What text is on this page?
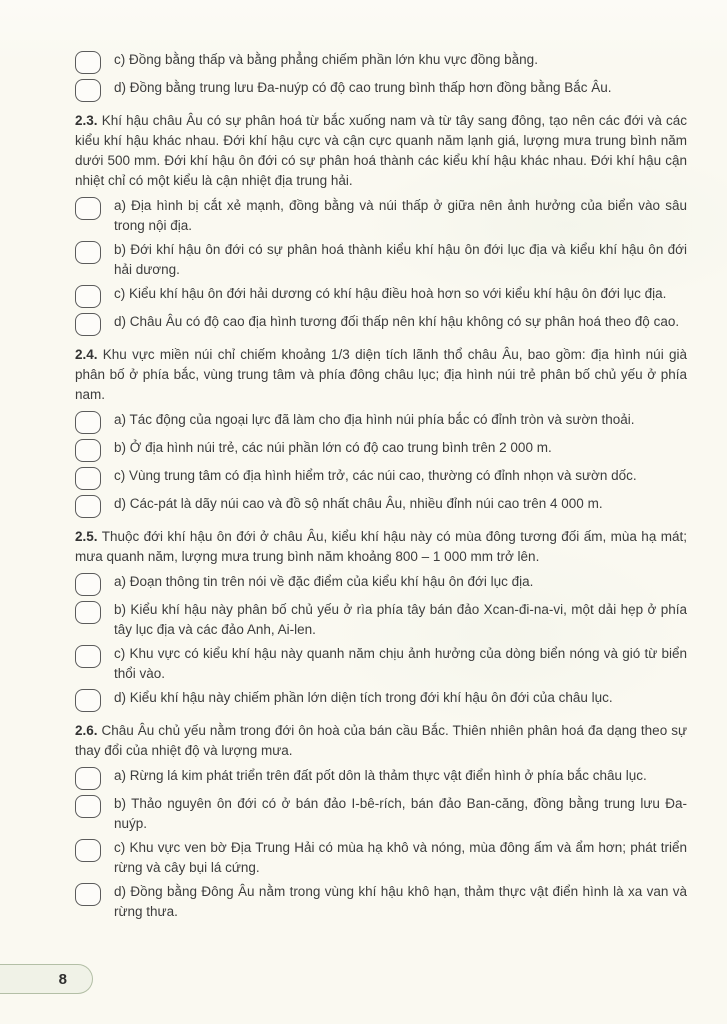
c) Đồng bằng thấp và bằng phẳng chiếm phần lớn khu vực đồng bằng.
d) Đồng bằng trung lưu Đa-nuýp có độ cao trung bình thấp hơn đồng bằng Bắc Âu.

2.3. Khí hậu châu Âu có sự phân hoá từ bắc xuống nam và từ tây sang đông, tạo nên các đới và các kiểu khí hậu khác nhau. Đới khí hậu cực và cận cực quanh năm lạnh giá, lượng mưa trung bình năm dưới 500 mm. Đới khí hậu ôn đới có sự phân hoá thành các kiểu khí hậu khác nhau. Đới khí hậu cận nhiệt chỉ có một kiểu là cận nhiệt địa trung hải.

a) Địa hình bị cắt xẻ mạnh, đồng bằng và núi thấp ở giữa nên ảnh hưởng của biển vào sâu trong nội địa.
b) Đới khí hậu ôn đới có sự phân hoá thành kiểu khí hậu ôn đới lục địa và kiểu khí hậu ôn đới hải dương.
c) Kiểu khí hậu ôn đới hải dương có khí hậu điều hoà hơn so với kiểu khí hậu ôn đới lục địa.
d) Châu Âu có độ cao địa hình tương đối thấp nên khí hậu không có sự phân hoá theo độ cao.

2.4. Khu vực miền núi chỉ chiếm khoảng 1/3 diện tích lãnh thổ châu Âu, bao gồm: địa hình núi già phân bố ở phía bắc, vùng trung tâm và phía đông châu lục; địa hình núi trẻ phân bố chủ yếu ở phía nam.

a) Tác động của ngoại lực đã làm cho địa hình núi phía bắc có đỉnh tròn và sườn thoải.
b) Ở địa hình núi trẻ, các núi phần lớn có độ cao trung bình trên 2 000 m.
c) Vùng trung tâm có địa hình hiểm trở, các núi cao, thường có đỉnh nhọn và sườn dốc.
d) Các-pát là dãy núi cao và đồ sộ nhất châu Âu, nhiều đỉnh núi cao trên 4 000 m.

2.5. Thuộc đới khí hậu ôn đới ở châu Âu, kiểu khí hậu này có mùa đông tương đối ấm, mùa hạ mát; mưa quanh năm, lượng mưa trung bình năm khoảng 800 – 1 000 mm trở lên.

a) Đoạn thông tin trên nói về đặc điểm của kiểu khí hậu ôn đới lục địa.
b) Kiểu khí hậu này phân bố chủ yếu ở rìa phía tây bán đảo Xcan-đi-na-vi, một dải hẹp ở phía tây lục địa và các đảo Anh, Ai-len.
c) Khu vực có kiểu khí hậu này quanh năm chịu ảnh hưởng của dòng biển nóng và gió từ biển thổi vào.
d) Kiểu khí hậu này chiếm phần lớn diện tích trong đới khí hậu ôn đới của châu lục.

2.6. Châu Âu chủ yếu nằm trong đới ôn hoà của bán cầu Bắc. Thiên nhiên phân hoá đa dạng theo sự thay đổi của nhiệt độ và lượng mưa.

a) Rừng lá kim phát triển trên đất pốt dôn là thảm thực vật điển hình ở phía bắc châu lục.
b) Thảo nguyên ôn đới có ở bán đảo I-bê-rích, bán đảo Ban-căng, đồng bằng trung lưu Đa-nuýp.
c) Khu vực ven bờ Địa Trung Hải có mùa hạ khô và nóng, mùa đông ấm và ẩm hơn; phát triển rừng và cây bụi lá cứng.
d) Đồng bằng Đông Âu nằm trong vùng khí hậu khô hạn, thảm thực vật điển hình là xa van và rừng thưa.
8
